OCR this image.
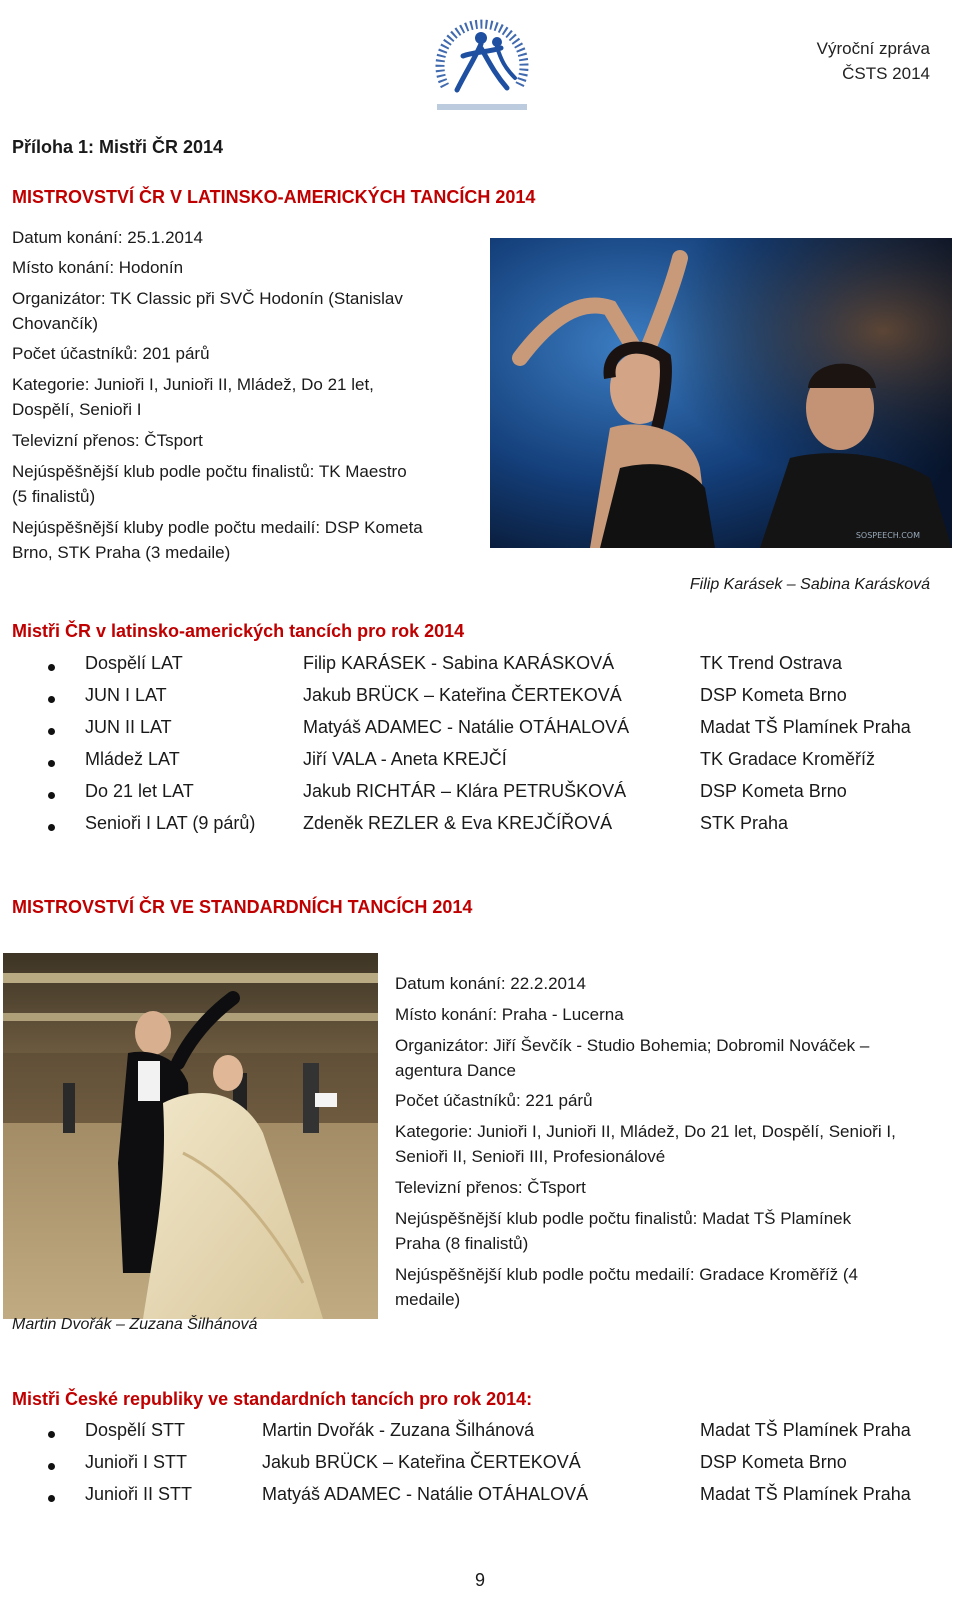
Výroční zpráva
ČSTS 2014
Příloha 1: Mistři ČR 2014
MISTROVSTVÍ ČR V LATINSKO-AMERICKÝCH TANCÍCH 2014
Datum konání: 25.1.2014
Místo konání: Hodonín
Organizátor: TK Classic při SVČ Hodonín (Stanislav
Chovančík)
Počet účastníků: 201 párů
Kategorie: Junioři I, Junioři II, Mládež, Do 21 let,
Dospělí, Senioři I
Televizní přenos: ČTsport
Nejúspěšnější klub podle počtu finalistů: TK Maestro
(5 finalistů)
Nejúspěšnější kluby podle počtu medailí: DSP Kometa
Brno, STK Praha (3 medaile)
SOSPEECH.COM
Filip Karásek – Sabina Karásková
Mistři ČR v latinsko-amerických tancích pro rok 2014
Dospělí LAT	Filip KARÁSEK - Sabina KARÁSKOVÁ	TK Trend Ostrava
JUN I LAT	Jakub BRÜCK – Kateřina ČERTEKOVÁ	DSP Kometa Brno
JUN II LAT	Matyáš ADAMEC - Natálie OTÁHALOVÁ	Madat TŠ Plamínek Praha
Mládež LAT	Jiří VALA - Aneta KREJČÍ	TK Gradace Kroměříž
Do 21 let LAT	Jakub RICHTÁR – Klára PETRUŠKOVÁ	DSP Kometa Brno
Senioři I LAT (9 párů)	Zdeněk REZLER & Eva KREJČÍŘOVÁ	STK Praha
MISTROVSTVÍ ČR VE STANDARDNÍCH TANCÍCH 2014
Martin Dvořák – Zuzana Šilhánová
Datum konání: 22.2.2014
Místo konání: Praha - Lucerna
Organizátor: Jiří Ševčík - Studio Bohemia; Dobromil Nováček –
agentura Dance
Počet účastníků: 221 párů
Kategorie: Junioři I, Junioři II, Mládež, Do 21 let, Dospělí, Senioři I,
Senioři II, Senioři III, Profesionálové
Televizní přenos: ČTsport
Nejúspěšnější klub podle počtu finalistů: Madat TŠ Plamínek
Praha (8 finalistů)
Nejúspěšnější klub podle počtu medailí: Gradace Kroměříž (4
medaile)
Mistři České republiky ve standardních tancích pro rok 2014:
Dospělí STT	Martin Dvořák - Zuzana Šilhánová	Madat TŠ Plamínek Praha
Junioři I STT	Jakub BRÜCK – Kateřina ČERTEKOVÁ	DSP Kometa Brno
Junioři II STT	Matyáš ADAMEC - Natálie OTÁHALOVÁ	Madat TŠ Plamínek Praha
9
